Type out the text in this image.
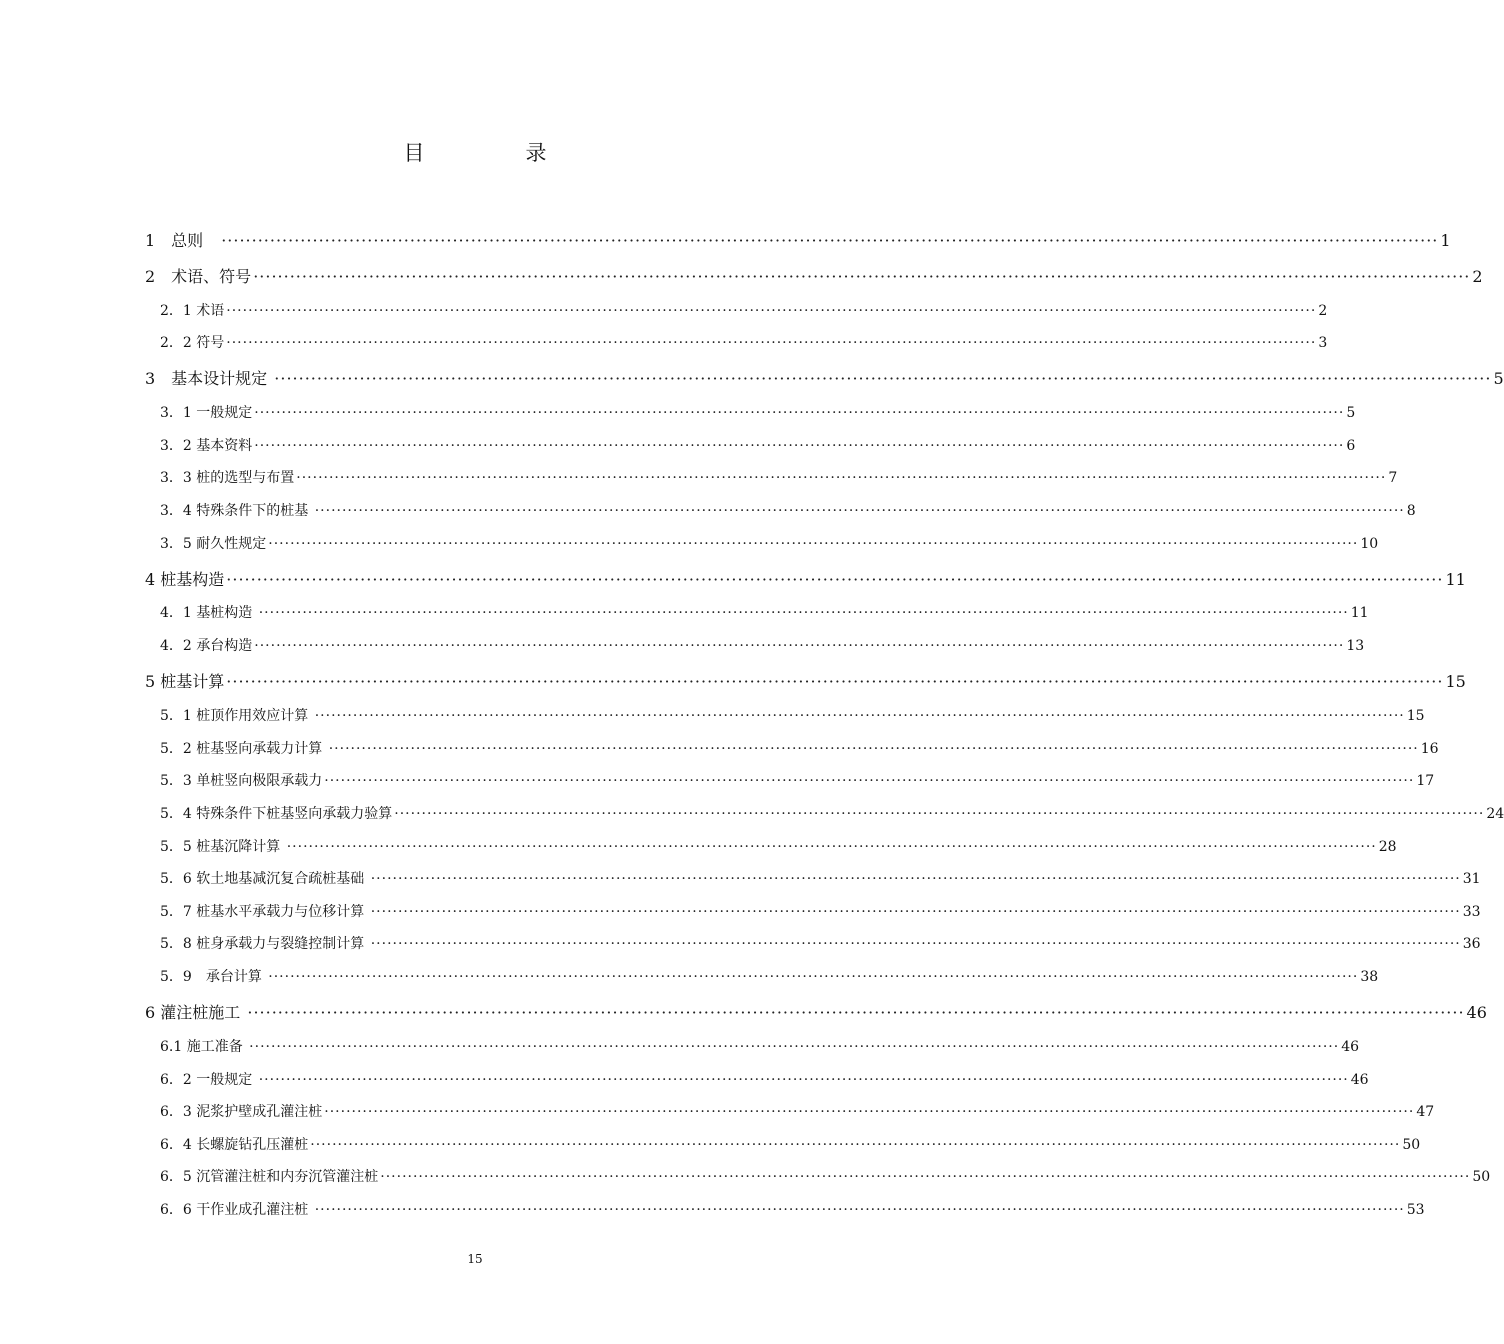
目　录
1　总则　 ········································································································································································································ 1
2　术语、符号 ········································································································································································································ 2
2．1 术语 ········································································································································································································ 2
2．2 符号 ········································································································································································································ 3
3　基本设计规定 ········································································································································································································ 5
3．1 一般规定 ········································································································································································································ 5
3．2 基本资料 ········································································································································································································ 6
3．3 桩的选型与布置 ········································································································································································································ 7
3．4 特殊条件下的桩基 ········································································································································································································ 8
3．5 耐久性规定 ········································································································································································································ 10
4 桩基构造 ········································································································································································································ 11
4．1 基桩构造 ········································································································································································································ 11
4．2 承台构造 ········································································································································································································ 13
5 桩基计算 ········································································································································································································ 15
5．1 桩顶作用效应计算 ········································································································································································································ 15
5．2 桩基竖向承载力计算 ········································································································································································································ 16
5．3 单桩竖向极限承载力 ········································································································································································································ 17
5．4 特殊条件下桩基竖向承载力验算 ········································································································································································································ 24
5．5 桩基沉降计算 ········································································································································································································ 28
5．6 软土地基减沉复合疏桩基础 ········································································································································································································ 31
5．7 桩基水平承载力与位移计算 ········································································································································································································ 33
5．8 桩身承载力与裂缝控制计算 ········································································································································································································ 36
5．9　承台计算 ········································································································································································································ 38
6 灌注桩施工 ········································································································································································································ 46
6.1 施工准备 ········································································································································································································ 46
6．2 一般规定 ········································································································································································································ 46
6．3 泥浆护壁成孔灌注桩 ········································································································································································································ 47
6．4 长螺旋钻孔压灌桩 ········································································································································································································ 50
6．5 沉管灌注桩和内夯沉管灌注桩 ········································································································································································································ 50
6．6 干作业成孔灌注桩 ········································································································································································································ 53
15
